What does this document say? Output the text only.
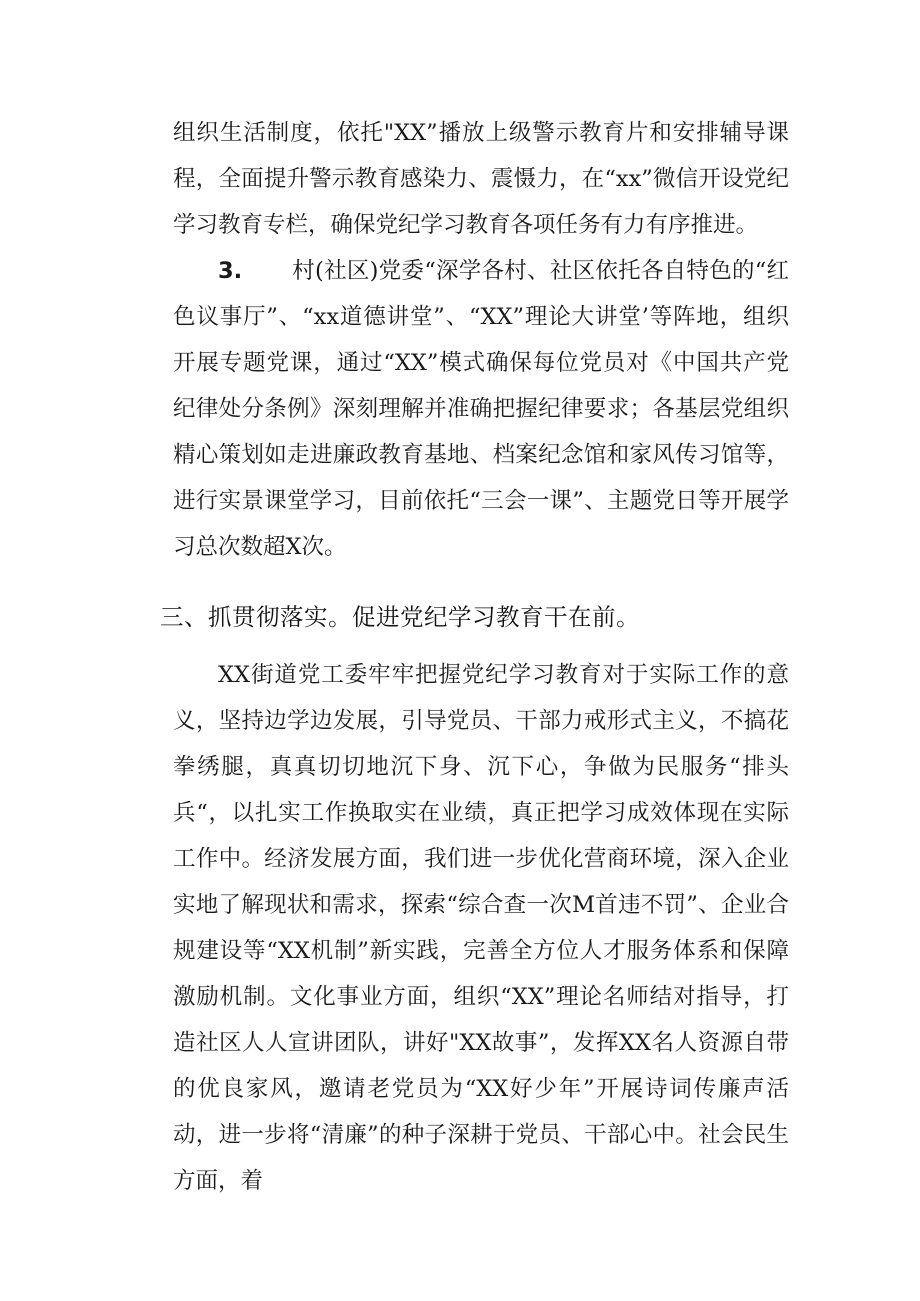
组织生活制度，依托"XX”播放上级警示教育片和安排辅导课程，全面提升警示教育感染力、震慑力，在“xx”微信开设党纪学习教育专栏，确保党纪学习教育各项任务有力有序推进。

3. 村(社区)党委“深学各村、社区依托各自特色的“红色议事厅”、“xx道德讲堂”、“XX”理论大讲堂’等阵地，组织开展专题党课，通过“XX”模式确保每位党员对《中国共产党纪律处分条例》深刻理解并准确把握纪律要求；各基层党组织精心策划如走进廉政教育基地、档案纪念馆和家风传习馆等，进行实景课堂学习，目前依托“三会一课”、主题党日等开展学习总次数超X次。

三、抓贯彻落实。促进党纪学习教育干在前。

XX街道党工委牢牢把握党纪学习教育对于实际工作的意义，坚持边学边发展，引导党员、干部力戒形式主义，不搞花拳绣腿，真真切切地沉下身、沉下心，争做为民服务“排头兵“，以扎实工作换取实在业绩，真正把学习成效体现在实际工作中。经济发展方面，我们进一步优化营商环境，深入企业实地了解现状和需求，探索“综合查一次M首违不罚”、企业合规建设等“XX机制”新实践，完善全方位人才服务体系和保障激励机制。文化事业方面，组织“XX”理论名师结对指导，打造社区人人宣讲团队，讲好"XX故事”，发挥XX名人资源自带的优良家风，邀请老党员为“XX好少年”开展诗词传廉声活动，进一步将“清廉”的种子深耕于党员、干部心中。社会民生方面，着
